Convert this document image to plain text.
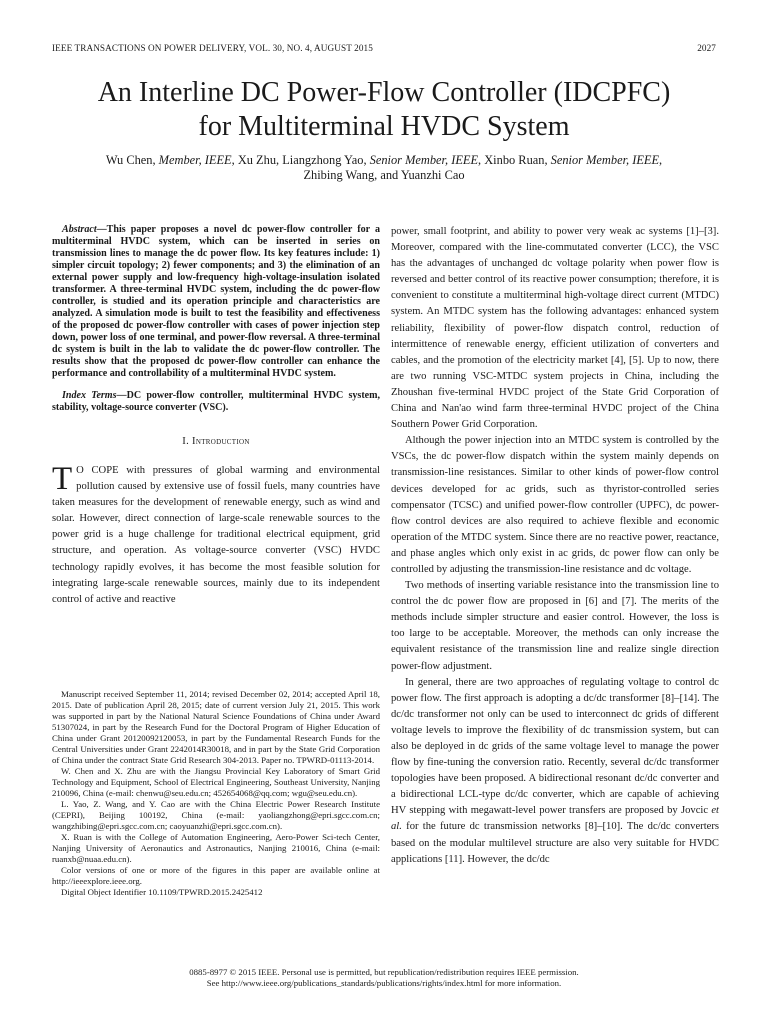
IEEE TRANSACTIONS ON POWER DELIVERY, VOL. 30, NO. 4, AUGUST 2015	2027
An Interline DC Power-Flow Controller (IDCPFC)
for Multiterminal HVDC System
Wu Chen, Member, IEEE, Xu Zhu, Liangzhong Yao, Senior Member, IEEE, Xinbo Ruan, Senior Member, IEEE,
Zhibing Wang, and Yuanzhi Cao

Abstract—This paper proposes a novel dc power-flow controller for a multiterminal HVDC system, which can be inserted in series on transmission lines to manage the dc power flow. Its key features include: 1) simpler circuit topology; 2) fewer components; and 3) the elimination of an external power supply and low-frequency high-voltage-insulation isolated transformer. A three-terminal HVDC system, including the dc power-flow controller, is studied and its operation principle and characteristics are analyzed. A simulation mode is built to test the feasibility and effectiveness of the proposed dc power-flow controller with cases of power injection step down, power loss of one terminal, and power-flow reversal. A three-terminal dc system is built in the lab to validate the dc power-flow controller. The results show that the proposed dc power-flow controller can enhance the performance and controllability of a multiterminal HVDC system.

Index Terms—DC power-flow controller, multiterminal HVDC system, stability, voltage-source converter (VSC).

I. Introduction

T O COPE with pressures of global warming and environmental pollution caused by extensive use of fossil fuels, many countries have taken measures for the development of renewable energy, such as wind and solar. However, direct connection of large-scale renewable sources to the power grid is a huge challenge for traditional electrical equipment, grid structure, and operation. As voltage-source converter (VSC) HVDC technology rapidly evolves, it has become the most feasible solution for integrating large-scale renewable sources, mainly due to its independent control of active and reactive

Manuscript received September 11, 2014; revised December 02, 2014; accepted April 18, 2015. Date of publication April 28, 2015; date of current version July 21, 2015. This work was supported in part by the National Natural Science Foundations of China under Award 51307024, in part by the Research Fund for the Doctoral Program of Higher Education of China under Grant 20120092120053, in part by the Fundamental Research Funds for the Central Universities under Grant 2242014R30018, and in part by the State Grid Corporation of China under the contract State Grid Research 304-2013. Paper no. TPWRD-01113-2014.

W. Chen and X. Zhu are with the Jiangsu Provincial Key Laboratory of Smart Grid Technology and Equipment, School of Electrical Engineering, Southeast University, Nanjing 210096, China (e-mail: chenwu@seu.edu.cn; 452654068@qq.com; wgu@seu.edu.cn).

L. Yao, Z. Wang, and Y. Cao are with the China Electric Power Research Institute (CEPRI), Beijing 100192, China (e-mail: yaoliangzhong@epri.sgcc.com.cn; wangzhibing@epri.sgcc.com.cn; caoyuanzhi@epri.sgcc.com.cn).

X. Ruan is with the College of Automation Engineering, Aero-Power Sci-tech Center, Nanjing University of Aeronautics and Astronautics, Nanjing 210016, China (e-mail: ruanxb@nuaa.edu.cn).

Color versions of one or more of the figures in this paper are available online at http://ieeexplore.ieee.org.

Digital Object Identifier 10.1109/TPWRD.2015.2425412

power, small footprint, and ability to power very weak ac systems [1]–[3]. Moreover, compared with the line-commutated converter (LCC), the VSC has the advantages of unchanged dc voltage polarity when power flow is reversed and better control of its reactive power consumption; therefore, it is convenient to constitute a multiterminal high-voltage direct current (MTDC) system. An MTDC system has the following advantages: enhanced system reliability, flexibility of power-flow dispatch control, reduction of intermittence of renewable energy, efficient utilization of converters and cables, and the promotion of the electricity market [4], [5]. Up to now, there are two running VSC-MTDC system projects in China, including the Zhoushan five-terminal HVDC project of the State Grid Corporation of China and Nan'ao wind farm three-terminal HVDC project of the China Southern Power Grid Corporation.

Although the power injection into an MTDC system is controlled by the VSCs, the dc power-flow dispatch within the system mainly depends on transmission-line resistances. Similar to other kinds of power-flow control devices developed for ac grids, such as thyristor-controlled series compensator (TCSC) and unified power-flow controller (UPFC), dc power-flow control devices are also required to achieve flexible and economic operation of the MTDC system. Since there are no reactive power, reactance, and phase angles which only exist in ac grids, dc power flow can only be controlled by adjusting the transmission-line resistance and dc voltage.

Two methods of inserting variable resistance into the transmission line to control the dc power flow are proposed in [6] and [7]. The merits of the methods include simpler structure and easier control. However, the loss is too large to be acceptable. Moreover, the methods can only increase the equivalent resistance of the transmission line and realize single direction power-flow adjustment.

In general, there are two approaches of regulating voltage to control dc power flow. The first approach is adopting a dc/dc transformer [8]–[14]. The dc/dc transformer not only can be used to interconnect dc grids of different voltage levels to improve the flexibility of dc transmission system, but can also be deployed in dc grids of the same voltage level to manage the power flow by fine-tuning the conversion ratio. Recently, several dc/dc transformer topologies have been proposed. A bidirectional resonant dc/dc converter and a bidirectional LCL-type dc/dc converter, which are capable of achieving HV stepping with megawatt-level power transfers are proposed by Jovcic et al. for the future dc transmission networks [8]–[10]. The dc/dc converters based on the modular multilevel structure are also very suitable for HVDC applications [11]. However, the dc/dc

0885-8977 © 2015 IEEE. Personal use is permitted, but republication/redistribution requires IEEE permission.
See http://www.ieee.org/publications_standards/publications/rights/index.html for more information.
